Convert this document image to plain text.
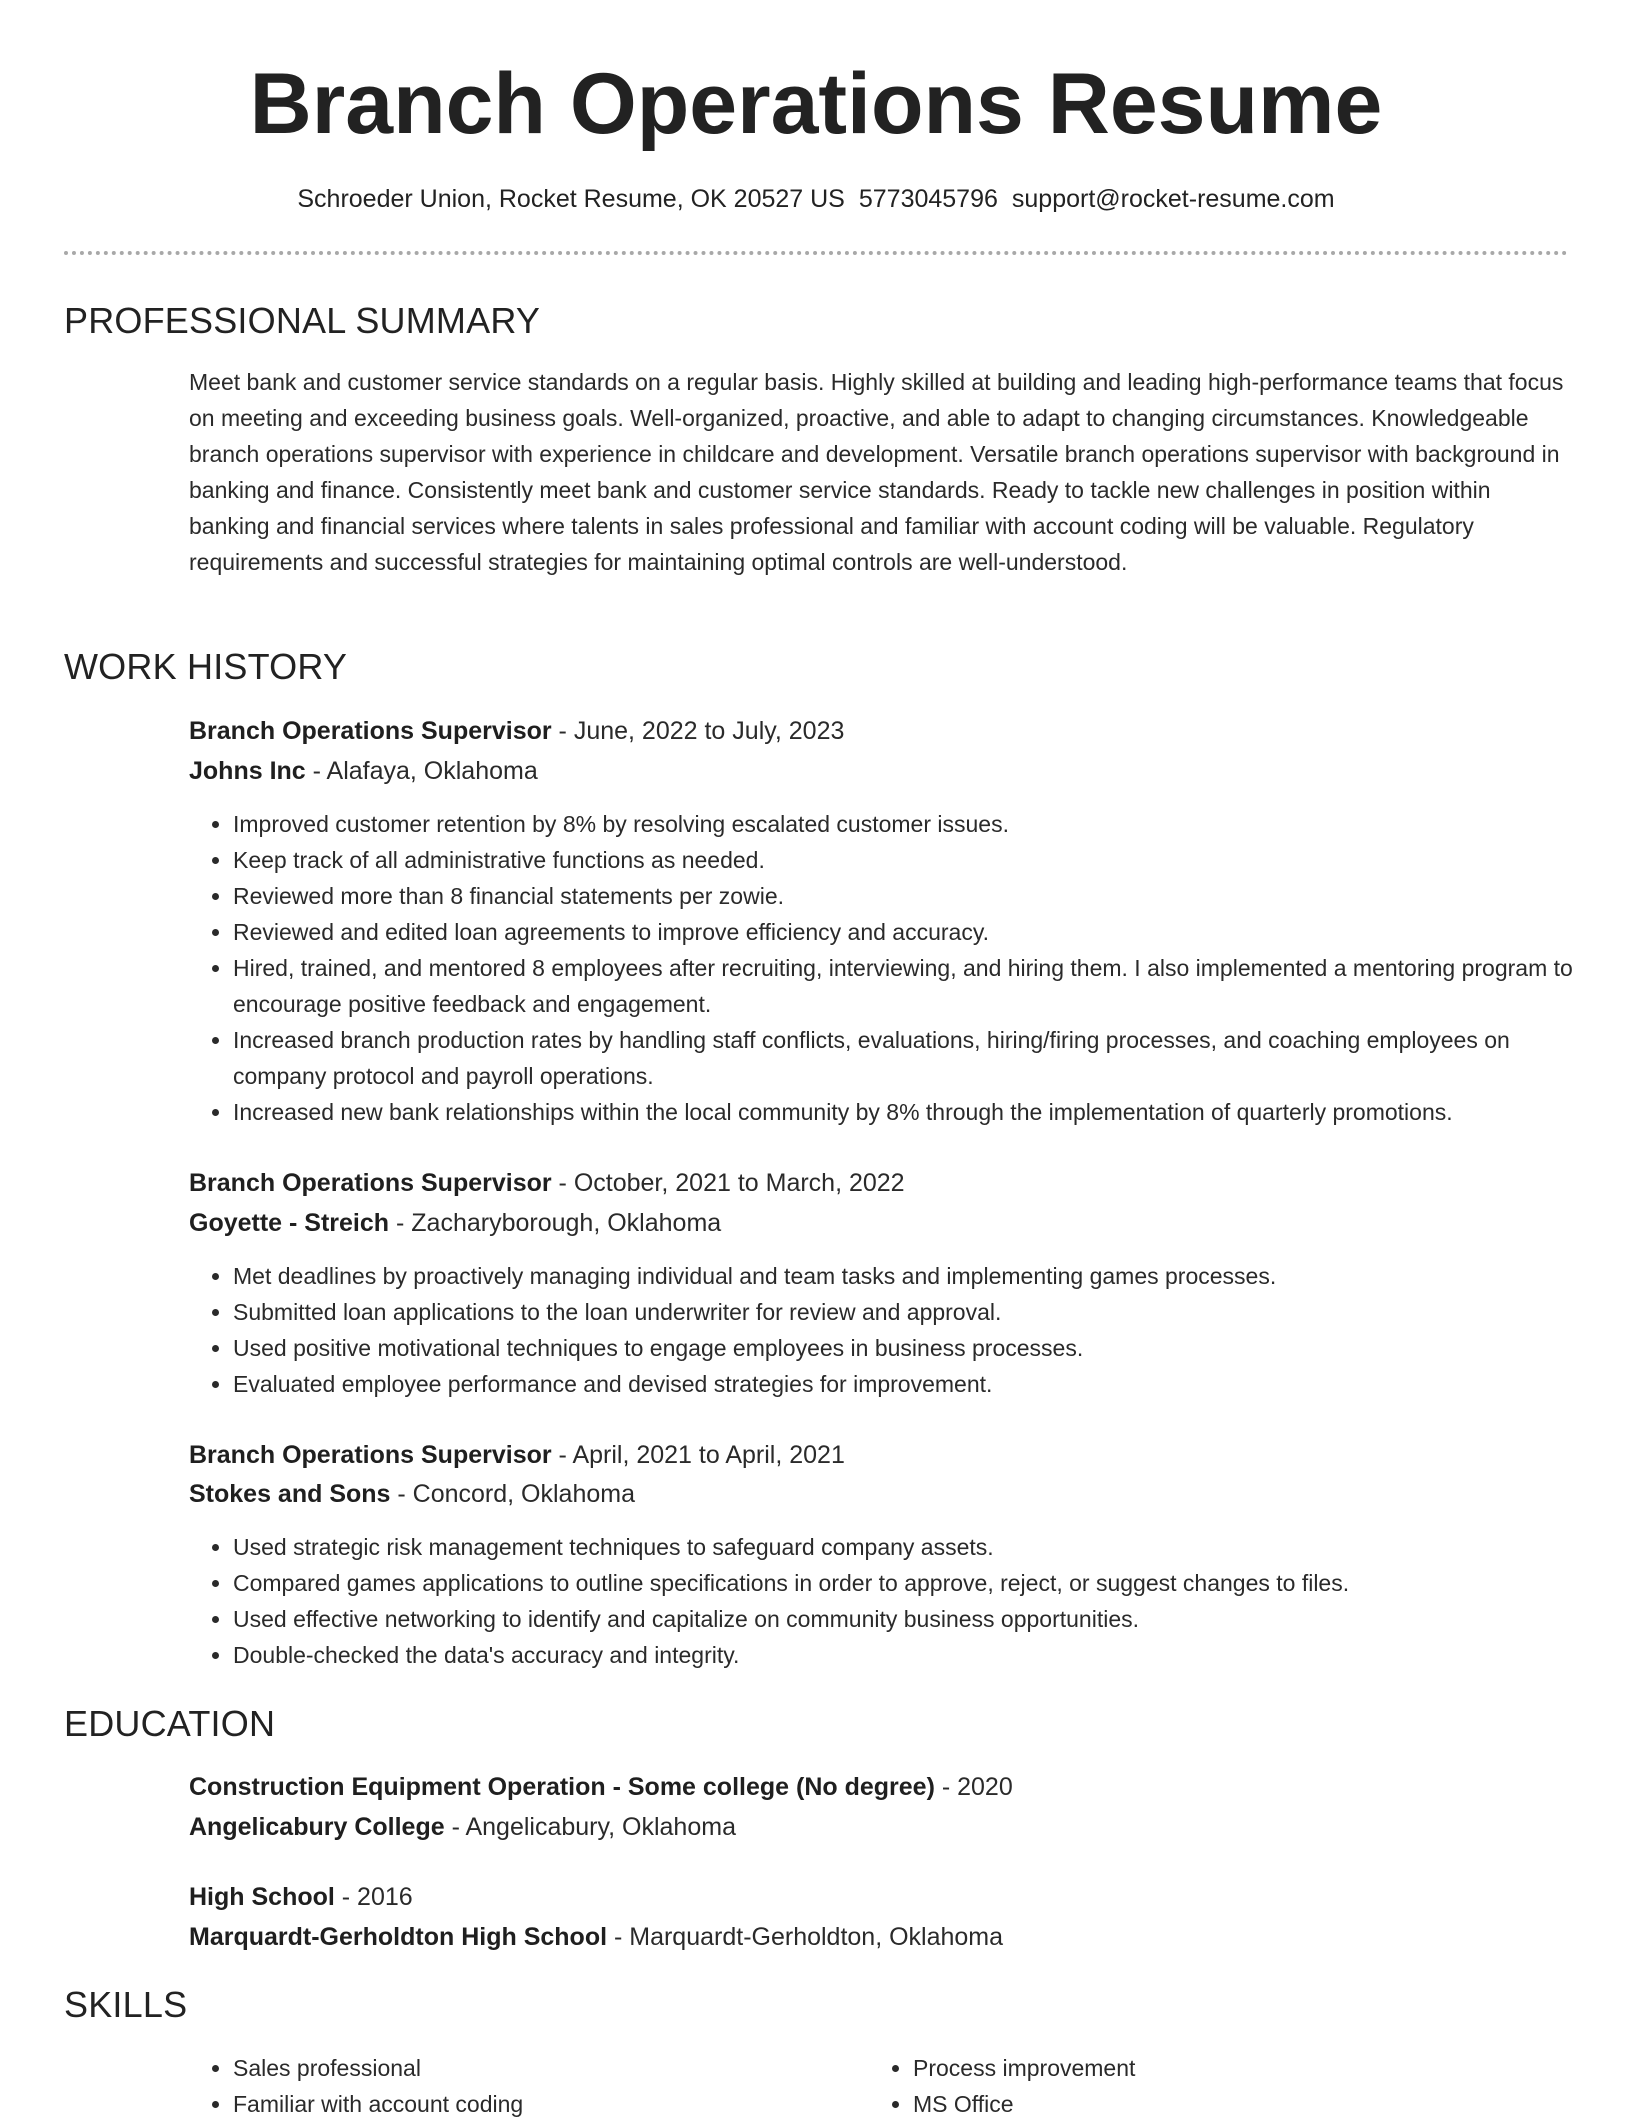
Branch Operations Resume
Schroeder Union, Rocket Resume, OK 20527 US 5773045796 support@rocket-resume.com
PROFESSIONAL SUMMARY

Meet bank and customer service standards on a regular basis. Highly skilled at building and leading high-performance teams that focus on meeting and exceeding business goals. Well-organized, proactive, and able to adapt to changing circumstances. Knowledgeable branch operations supervisor with experience in childcare and development. Versatile branch operations supervisor with background in banking and finance. Consistently meet bank and customer service standards. Ready to tackle new challenges in position within banking and financial services where talents in sales professional and familiar with account coding will be valuable. Regulatory requirements and successful strategies for maintaining optimal controls are well-understood.

WORK HISTORY
Branch Operations Supervisor - June, 2022 to July, 2023
Johns Inc - Alafaya, Oklahoma
• Improved customer retention by 8% by resolving escalated customer issues.
• Keep track of all administrative functions as needed.
• Reviewed more than 8 financial statements per zowie.
• Reviewed and edited loan agreements to improve efficiency and accuracy.
• Hired, trained, and mentored 8 employees after recruiting, interviewing, and hiring them. I also implemented a mentoring program to encourage positive feedback and engagement.
• Increased branch production rates by handling staff conflicts, evaluations, hiring/firing processes, and coaching employees on company protocol and payroll operations.
• Increased new bank relationships within the local community by 8% through the implementation of quarterly promotions.
Branch Operations Supervisor - October, 2021 to March, 2022
Goyette - Streich - Zacharyborough, Oklahoma
• Met deadlines by proactively managing individual and team tasks and implementing games processes.
• Submitted loan applications to the loan underwriter for review and approval.
• Used positive motivational techniques to engage employees in business processes.
• Evaluated employee performance and devised strategies for improvement.
Branch Operations Supervisor - April, 2021 to April, 2021
Stokes and Sons - Concord, Oklahoma
• Used strategic risk management techniques to safeguard company assets.
• Compared games applications to outline specifications in order to approve, reject, or suggest changes to files.
• Used effective networking to identify and capitalize on community business opportunities.
• Double-checked the data's accuracy and integrity.
EDUCATION
Construction Equipment Operation - Some college (No degree) - 2020
Angelicabury College - Angelicabury, Oklahoma
High School - 2016
Marquardt-Gerholdton High School - Marquardt-Gerholdton, Oklahoma
SKILLS
• Sales professional
• Familiar with account coding
• Process improvement
• MS Office
